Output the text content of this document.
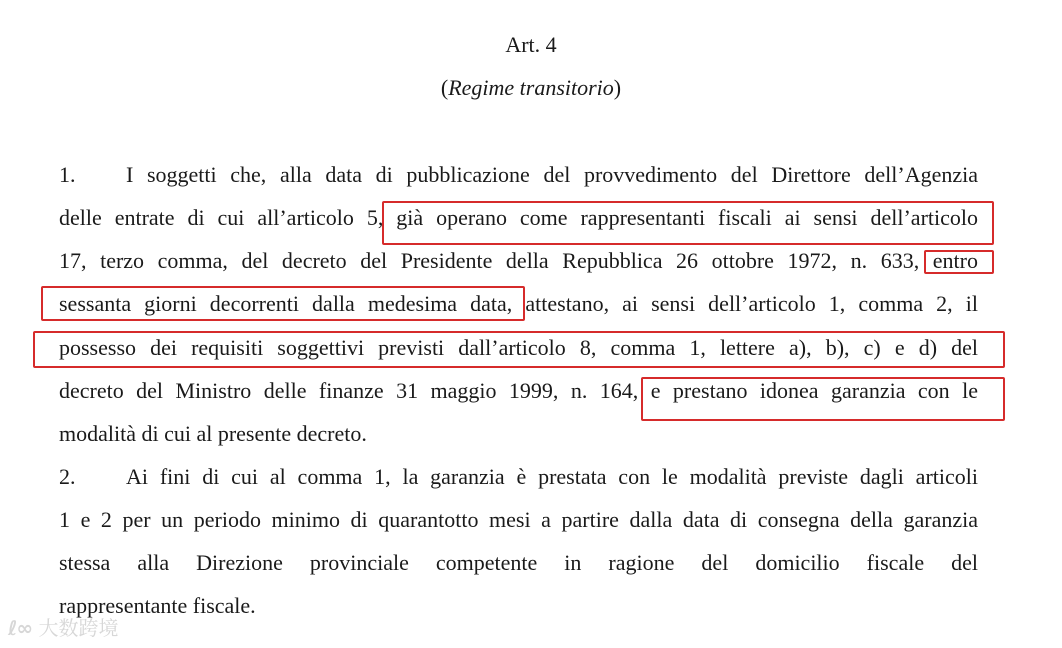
Art. 4
(Regime transitorio)
1. I soggetti che, alla data di pubblicazione del provvedimento del Direttore dell’Agenzia
delle entrate di cui all’articolo 5, già operano come rappresentanti fiscali ai sensi dell’articolo
17, terzo comma, del decreto del Presidente della Repubblica 26 ottobre 1972, n. 633, entro
sessanta giorni decorrenti dalla medesima data, attestano, ai sensi dell’articolo 1, comma 2, il
possesso dei requisiti soggettivi previsti dall’articolo 8, comma 1, lettere a), b), c) e d) del
decreto del Ministro delle finanze 31 maggio 1999, n. 164, e prestano idonea garanzia con le
modalità di cui al presente decreto.
2. Ai fini di cui al comma 1, la garanzia è prestata con le modalità previste dagli articoli
1 e 2 per un periodo minimo di quarantotto mesi a partire dalla data di consegna della garanzia
stessa alla Direzione provinciale competente in ragione del domicilio fiscale del
rappresentante fiscale.
ℓ∞ 大数跨境
